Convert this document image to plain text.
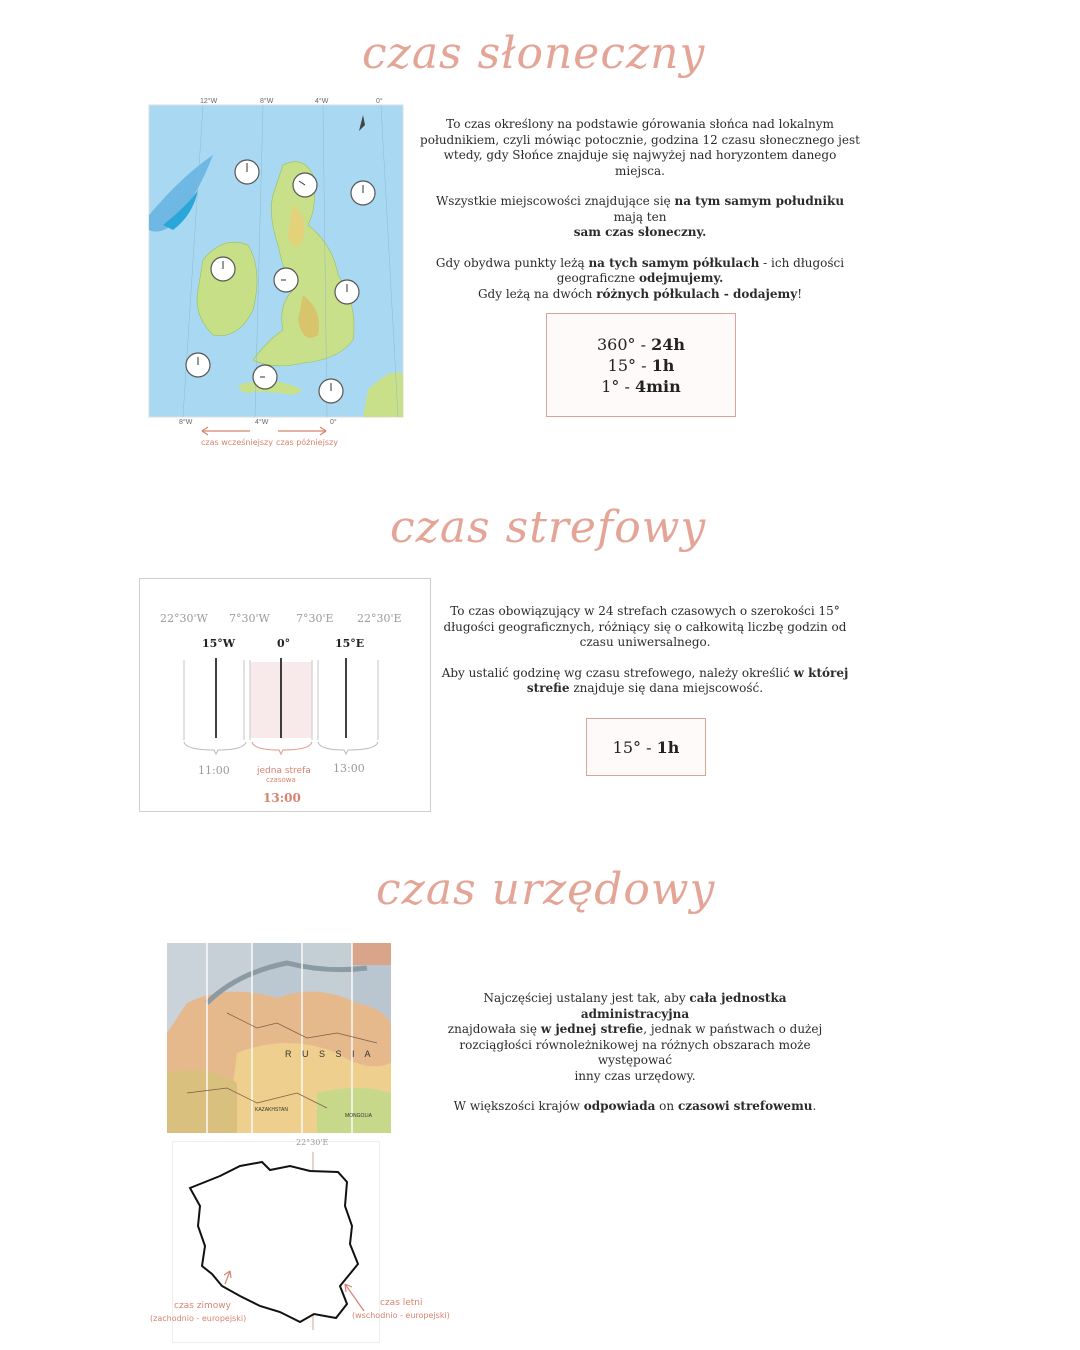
czas słoneczny
12°W	8°W	4°W	0°
8°W	4°W	0°
czas wcześniejszy czas późniejszy

To czas określony na podstawie górowania słońca nad lokalnym
południkiem, czyli mówiąc potocznie, godzina 12 czasu słonecznego jest
wtedy, gdy Słońce znajduje się najwyżej nad horyzontem danego miejsca.

Wszystkie miejscowości znajdujące się na tym samym południku mają ten
sam czas słoneczny.

Gdy obydwa punkty leżą na tych samym półkulach - ich długości
geograficzne odejmujemy.
Gdy leżą na dwóch różnych półkulach - dodajemy!

360° - 24h
15° - 1h
1° - 4min
czas strefowy
22°30'W 7°30'W 7°30'E 22°30'E
15°W	0°	15°E
11:00	13:00
jedna strefa
czasowa
13:00

To czas obowiązujący w 24 strefach czasowych o szerokości 15°
długości geograficznych, różniący się o całkowitą liczbę godzin od
czasu uniwersalnego.

Aby ustalić godzinę wg czasu strefowego, należy określić w której
strefie znajduje się dana miejscowość.

15° - 1h
czas urzędowy
R U S S I A
KAZAKHSTAN
MONGOLIA

Najczęściej ustalany jest tak, aby cała jednostka administracyjna
znajdowała się w jednej strefie, jednak w państwach o dużej
rozciągłości równoleżnikowej na różnych obszarach może występować
inny czas urzędowy.

W większości krajów odpowiada on czasowi strefowemu.

22°30'E
czas zimowy
(zachodnio - europejski)
czas letni
(wschodnio - europejski)
